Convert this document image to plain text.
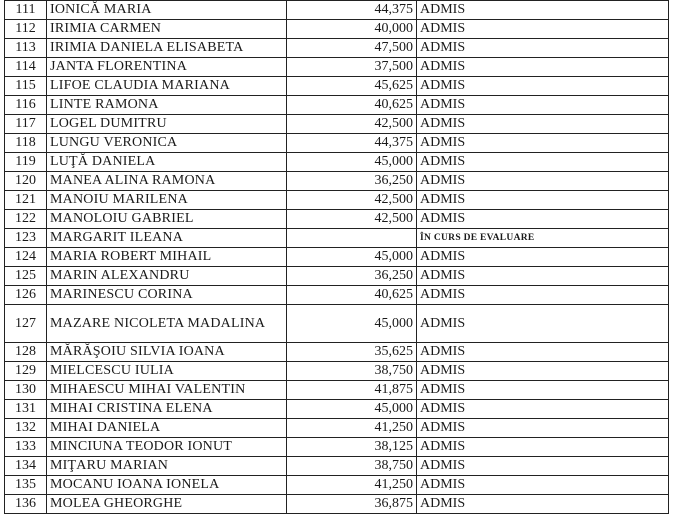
111	IONICĂ MARIA	44,375	ADMIS
112	IRIMIA CARMEN	40,000	ADMIS
113	IRIMIA DANIELA ELISABETA	47,500	ADMIS
114	JANTA FLORENTINA	37,500	ADMIS
115	LIFOE CLAUDIA MARIANA	45,625	ADMIS
116	LINTE RAMONA	40,625	ADMIS
117	LOGEL DUMITRU	42,500	ADMIS
118	LUNGU VERONICA	44,375	ADMIS
119	LUŢĂ DANIELA	45,000	ADMIS
120	MANEA ALINA RAMONA	36,250	ADMIS
121	MANOIU MARILENA	42,500	ADMIS
122	MANOLOIU GABRIEL	42,500	ADMIS
123	MARGARIT ILEANA		ÎN CURS DE EVALUARE
124	MARIA ROBERT MIHAIL	45,000	ADMIS
125	MARIN ALEXANDRU	36,250	ADMIS
126	MARINESCU CORINA	40,625	ADMIS
127	MAZARE NICOLETA MADALINA	45,000	ADMIS
128	MĂRĂŞOIU SILVIA IOANA	35,625	ADMIS
129	MIELCESCU IULIA	38,750	ADMIS
130	MIHAESCU MIHAI VALENTIN	41,875	ADMIS
131	MIHAI CRISTINA ELENA	45,000	ADMIS
132	MIHAI DANIELA	41,250	ADMIS
133	MINCIUNA TEODOR IONUT	38,125	ADMIS
134	MIŢARU MARIAN	38,750	ADMIS
135	MOCANU IOANA IONELA	41,250	ADMIS
136	MOLEA GHEORGHE	36,875	ADMIS
